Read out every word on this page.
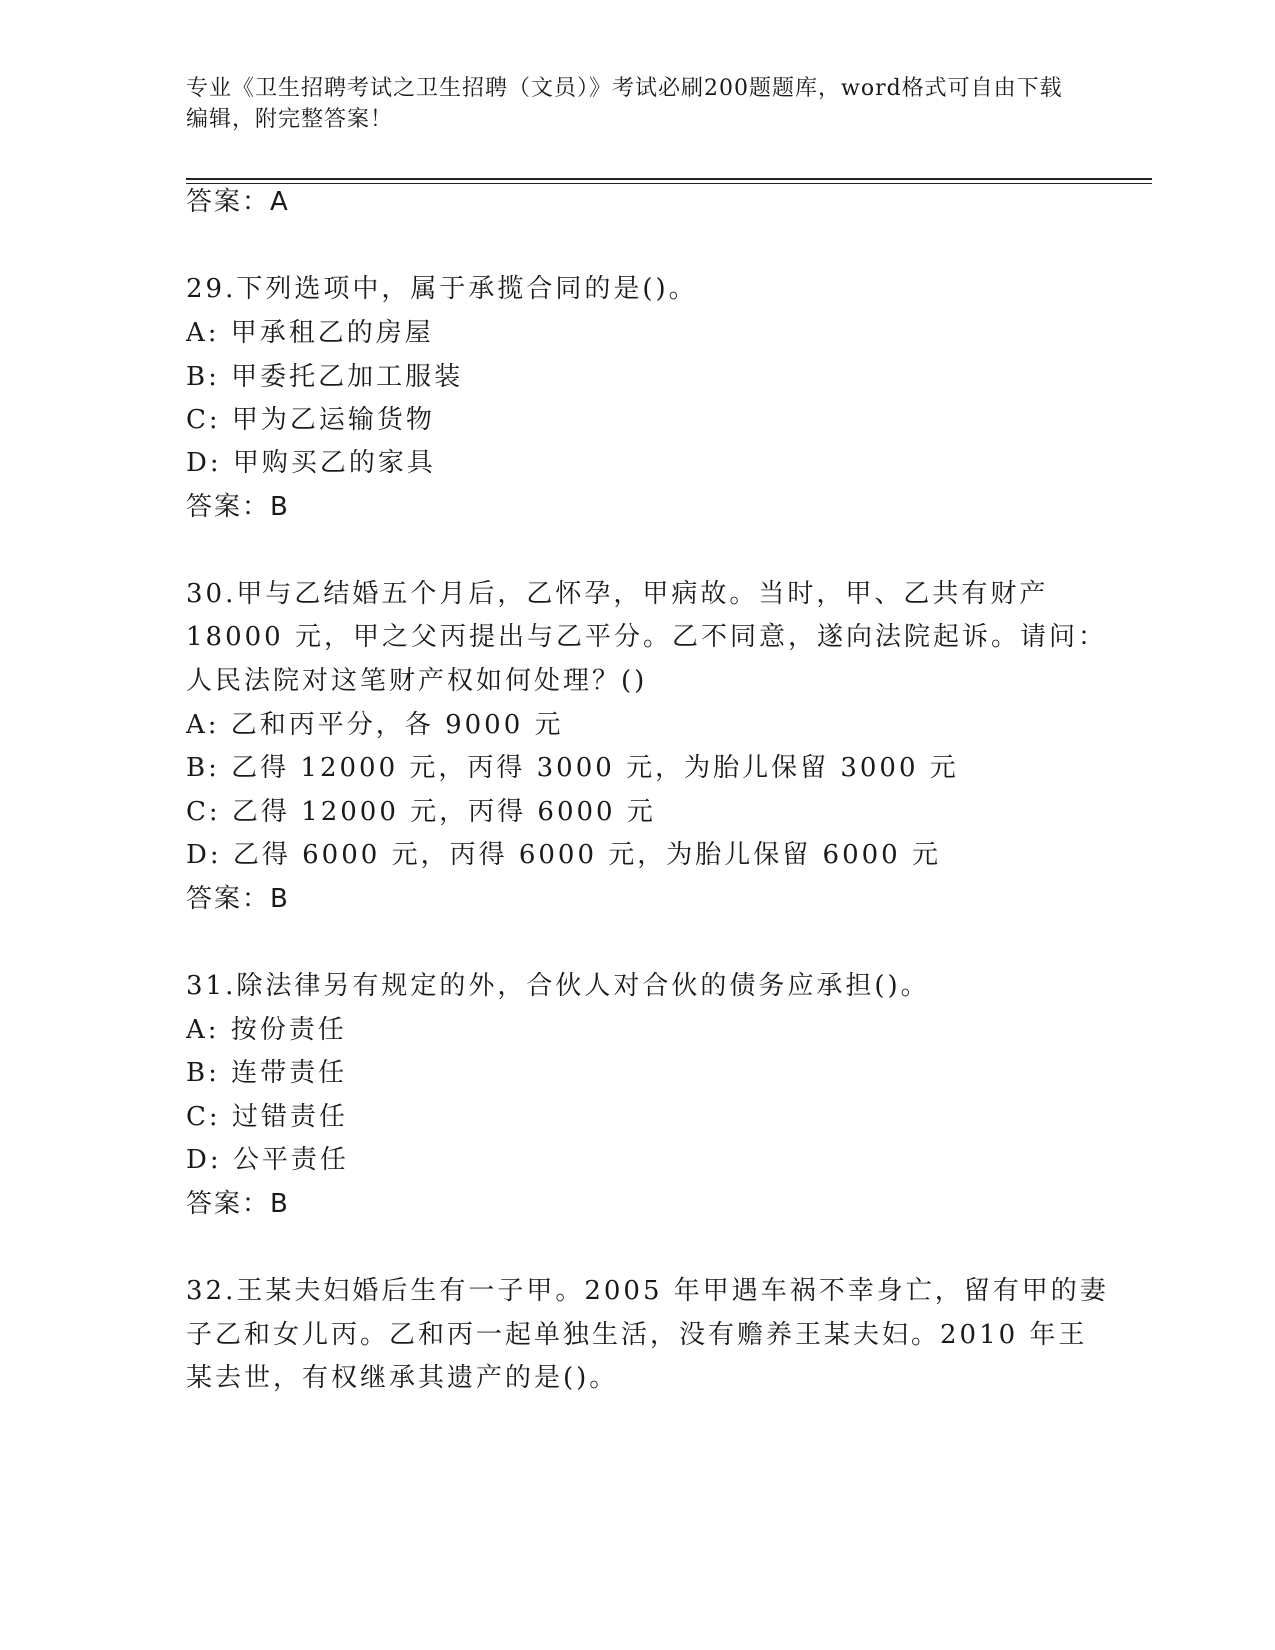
专业《卫生招聘考试之卫生招聘（文员）》考试必刷200题题库，word格式可自由下载编辑，附完整答案！
答案：A
29.下列选项中，属于承揽合同的是()。
A: 甲承租乙的房屋
B: 甲委托乙加工服装
C: 甲为乙运输货物
D: 甲购买乙的家具
答案：B
30.甲与乙结婚五个月后，乙怀孕，甲病故。当时，甲、乙共有财产
18000 元，甲之父丙提出与乙平分。乙不同意，遂向法院起诉。请问：
人民法院对这笔财产权如何处理？()
A: 乙和丙平分，各 9000 元
B: 乙得 12000 元，丙得 3000 元，为胎儿保留 3000 元
C: 乙得 12000 元，丙得 6000 元
D: 乙得 6000 元，丙得 6000 元，为胎儿保留 6000 元
答案：B
31.除法律另有规定的外，合伙人对合伙的债务应承担()。
A: 按份责任
B: 连带责任
C: 过错责任
D: 公平责任
答案：B
32.王某夫妇婚后生有一子甲。2005 年甲遇车祸不幸身亡，留有甲的妻
子乙和女儿丙。乙和丙一起单独生活，没有赡养王某夫妇。2010 年王
某去世，有权继承其遗产的是()。
